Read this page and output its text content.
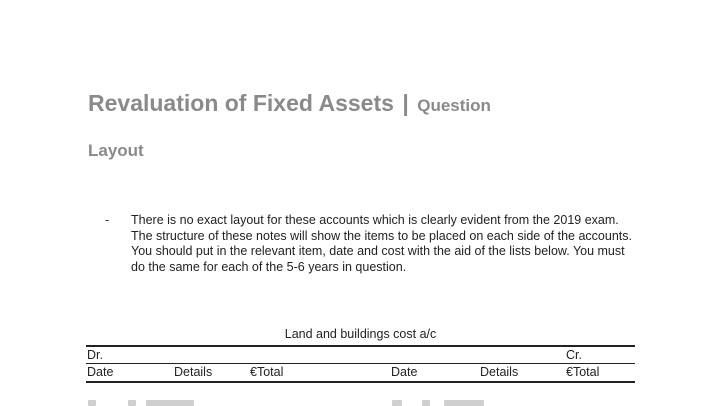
Revaluation of Fixed Assets | Question
Layout
-	There is no exact layout for these accounts which is clearly evident from the 2019 exam. The structure of these notes will show the items to be placed on each side of the accounts. You should put in the relevant item, date and cost with the aid of the lists below. You must do the same for each of the 5-6 years in question.
Land and buildings cost a/c
Dr.	Cr.
Date	Details	€Total	Date	Details	€Total
